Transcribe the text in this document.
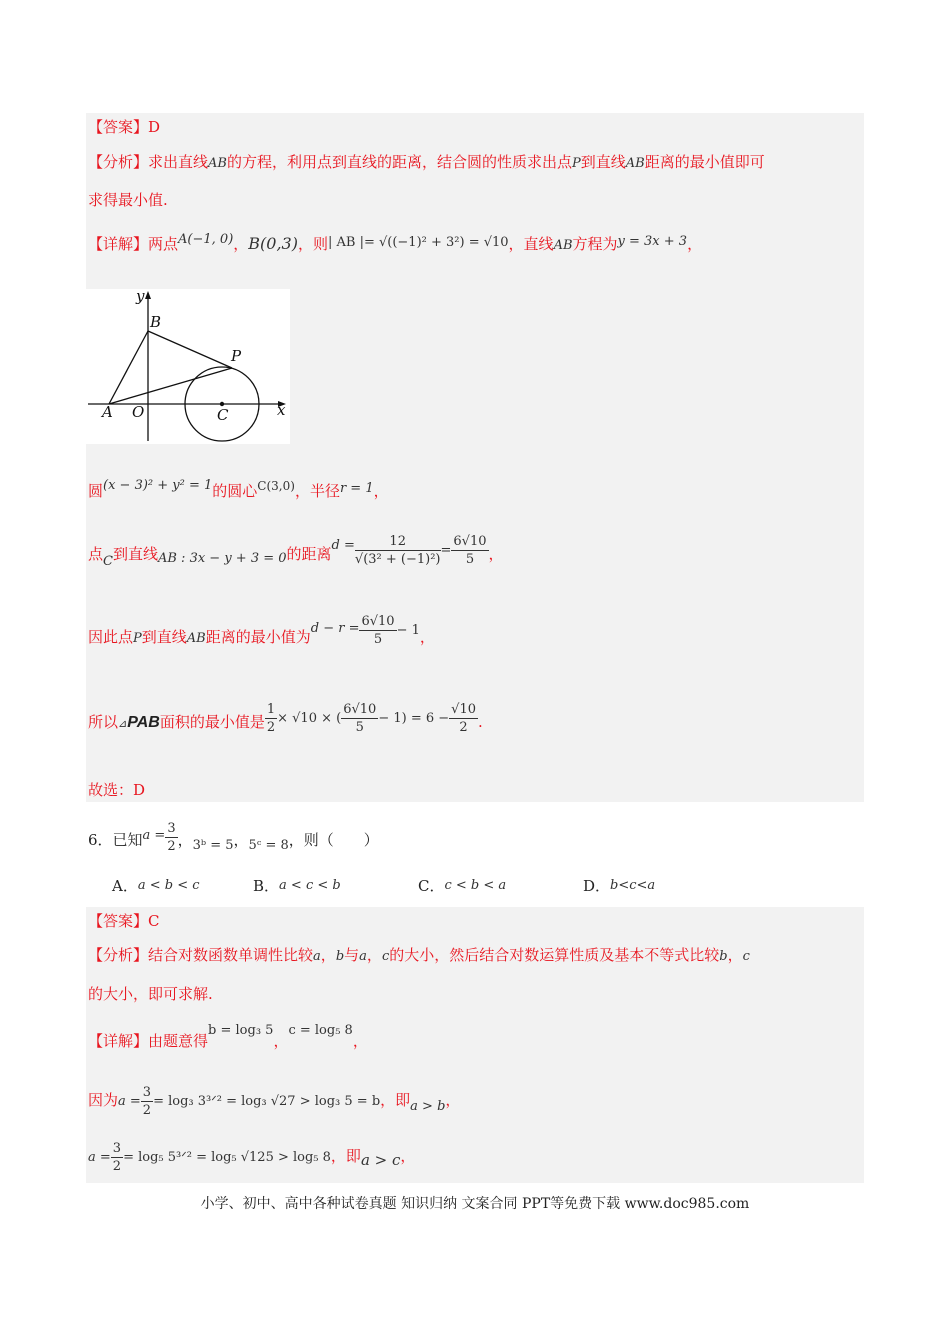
【答案】D
【分析】求出直线AB的方程，利用点到直线的距离，结合圆的性质求出点P到直线AB距离的最小值即可
求得最小值.
【详解】两点A(−1, 0)，B(0,3)，则| AB |= √((−1)² + 3²) = √10，直线AB方程为y = 3x + 3，
y
x
B
P
A O	C
圆(x − 3)² + y² = 1的圆心$^{C(3,0)}$，半径r = 1，
点C到直线AB : 3x − y + 3 = 0的距离$d = \frac{12}{\text{√(3² + (−1)²)}} = \frac{6√10}{5}$ ，
因此点P到直线AB距离的最小值为$d - r = \frac{6√10}{5} - 1$，
所以⊿PAB面积的最小值是 $\frac{1}{2} \times √10$ × ( $\frac{6√10}{5} - 1) = 6 - \frac{√10}{2}$ .
故选：D
6．已知$a = \frac{3}{2}$ ，3ᵇ = 5，5ᶜ = 8，则（　　）
A．a < b < c	B．a < c < b	C．c < b < a	D．b<c<a
【答案】C
【分析】结合对数函数单调性比较a，b与a，c的大小，然后结合对数运算性质及基本不等式比较b，c
的大小，即可求解.
【详解】由题意得b = log₃ 5，c = log₅ 8，
因为$a = \frac{3}{2} = \log_3$ 3³ᐟ² = log₃ √27 > log₃ 5 = b，即a > b，
$a = \frac{3}{2} = \log_5$ 5³ᐟ² = log₅ √125 > log₅ 8，即a > c，
小学、初中、高中各种试卷真题 知识归纳 文案合同 PPT等免费下载 www.doc985.com
